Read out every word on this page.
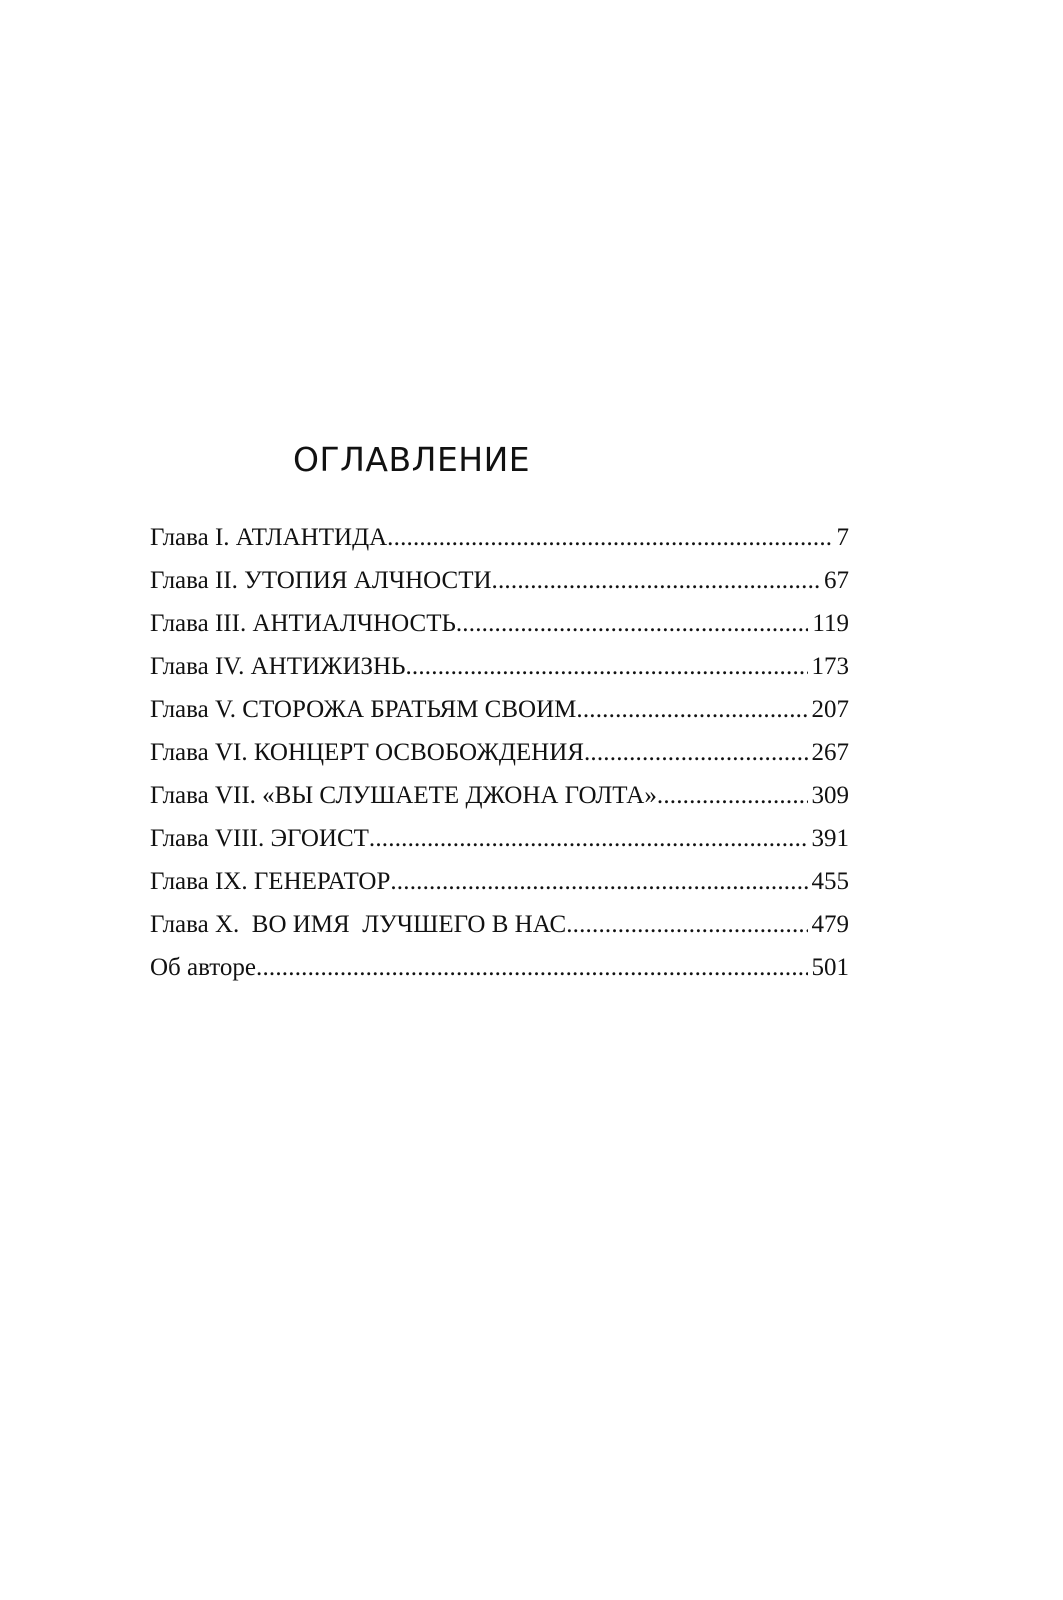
ОГЛАВЛЕНИЕ
Глава I. АТЛАНТИДА .....	7
Глава II. УТОПИЯ АЛЧНОСТИ .....	67
Глава III. АНТИАЛЧНОСТЬ .....	119
Глава IV. АНТИЖИЗНЬ .....	173
Глава V. СТОРОЖА БРАТЬЯМ СВОИМ .....	207
Глава VI. КОНЦЕРТ ОСВОБОЖДЕНИЯ .....	267
Глава VII. «ВЫ СЛУШАЕТЕ ДЖОНА ГОЛТА» .....	309
Глава VIII. ЭГОИСТ .....	391
Глава IX. ГЕНЕРАТОР .....	455
Глава X.  ВО ИМЯ  ЛУЧШЕГО В НАС .....	479
Об авторе .....	501
